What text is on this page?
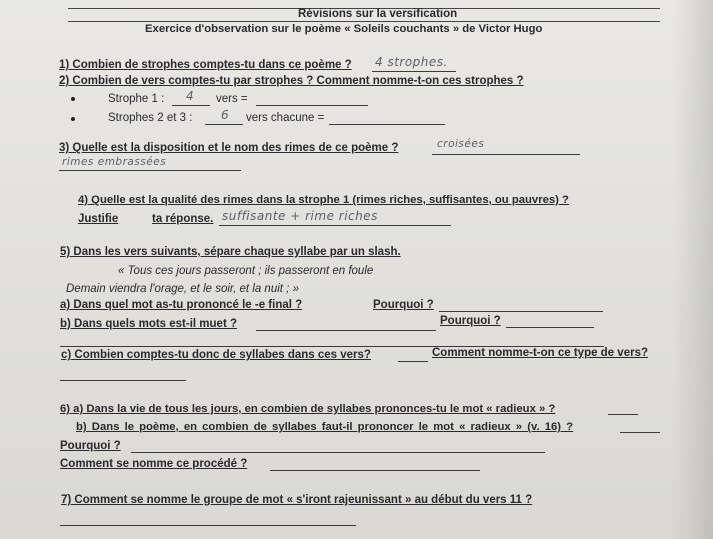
Révisions sur la versification
Exercice d'observation sur le poème « Soleils couchants » de Victor Hugo
1) Combien de strophes comptes-tu dans ce poème ? 4 strophes.
2) Combien de vers comptes-tu par strophes ? Comment nomme-t-on ces strophes ?
Strophe 1 : 4 vers =
Strophes 2 et 3 : 6 vers chacune =
3) Quelle est la disposition et le nom des rimes de ce poème ?	croisées
rimes embrassées
4) Quelle est la qualité des rimes dans la strophe 1 (rimes riches, suffisantes, ou pauvres) ?
Justifie	ta réponse. suffisante + rime riches
5) Dans les vers suivants, sépare chaque syllabe par un slash.
« Tous ces jours passeront ; ils passeront en foule
Demain viendra l'orage, et le soir, et la nuit ; »
a) Dans quel mot as-tu prononcé le -e final ?	Pourquoi ?
b) Dans quels mots est-il muet ?	Pourquoi ?
c) Combien comptes-tu donc de syllabes dans ces vers?	Comment nomme-t-on ce type de vers?
6) a) Dans la vie de tous les jours, en combien de syllabes prononces-tu le mot « radieux » ?
b) Dans le poème, en combien de syllabes faut-il prononcer le mot « radieux » (v. 16) ?
Pourquoi ?
Comment se nomme ce procédé ?
7) Comment se nomme le groupe de mot « s'iront rajeunissant » au début du vers 11 ?
